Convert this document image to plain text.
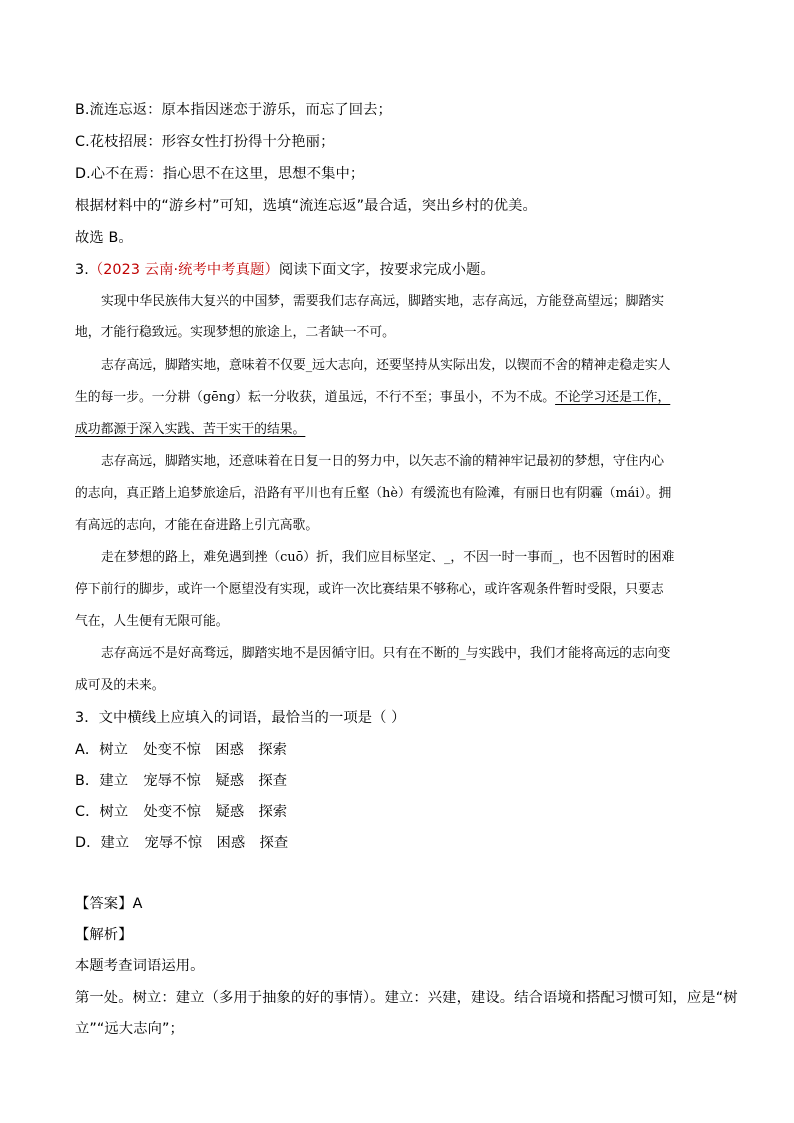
B.流连忘返：原本指因迷恋于游乐，而忘了回去；
C.花枝招展：形容女性打扮得十分艳丽；
D.心不在焉：指心思不在这里，思想不集中；
根据材料中的“游乡村”可知，选填“流连忘返”最合适，突出乡村的优美。
故选 B。
3.（2023 云南·统考中考真题）阅读下面文字，按要求完成小题。
实现中华民族伟大复兴的中国梦，需要我们志存高远，脚踏实地，志存高远，方能登高望远；脚踏实
地，才能行稳致远。实现梦想的旅途上，二者缺一不可。
志存高远，脚踏实地，意味着不仅要_远大志向，还要坚持从实际出发，以锲而不舍的精神走稳走实人
生的每一步。一分耕（gēng）耘一分收获，道虽远，不行不至；事虽小，不为不成。不论学习还是工作，
成功都源于深入实践、苦干实干的结果。
志存高远，脚踏实地，还意味着在日复一日的努力中，以矢志不渝的精神牢记最初的梦想，守住内心
的志向，真正踏上追梦旅途后，沿路有平川也有丘壑（hè）有缓流也有险滩，有丽日也有阴霾（mái）。拥
有高远的志向，才能在奋进路上引亢高歌。
走在梦想的路上，难免遇到挫（cuō）折，我们应目标坚定、_，不因一时一事而_，也不因暂时的困难
停下前行的脚步，或许一个愿望没有实现，或许一次比赛结果不够称心，或许客观条件暂时受限，只要志
气在，人生便有无限可能。
志存高远不是好高骛远，脚踏实地不是因循守旧。只有在不断的_与实践中，我们才能将高远的志向变
成可及的未来。
3．文中横线上应填入的词语，最恰当的一项是（ ）
A．树立 处变不惊 困惑 探索
B．建立 宠辱不惊 疑惑 探查
C．树立 处变不惊 疑惑 探索
D．建立 宠辱不惊 困惑 探查
【答案】A
【解析】
本题考查词语运用。
第一处。树立：建立（多用于抽象的好的事情）。建立：兴建，建设。结合语境和搭配习惯可知，应是“树
立”“远大志向”；
